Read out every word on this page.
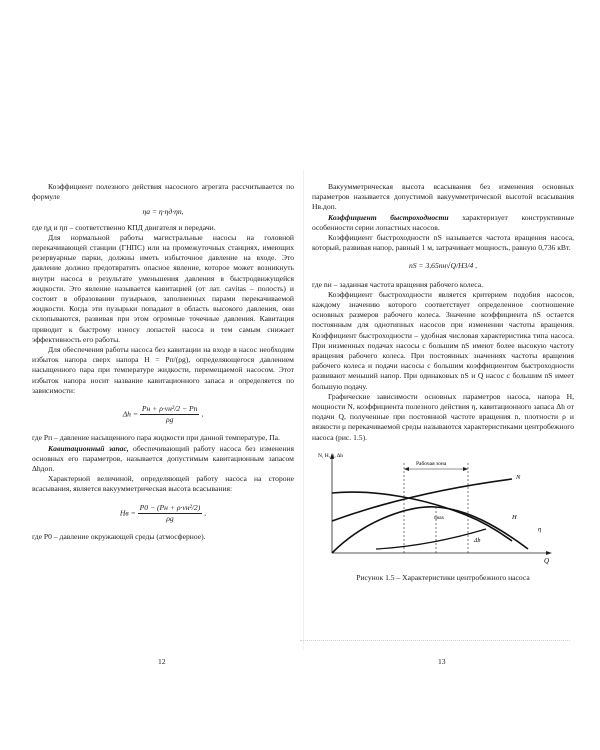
Коэффициент полезного действия насосного агрегата рассчитывается по формуле

ηа = η·ηд·ηп,

где ηд и ηп – соответственно КПД двигателя и передачи.

Для нормальной работы магистральные насосы на головной перекачивающей станции (ГНПС) или на промежуточных станциях, имеющих резервуарные парки, должны иметь избыточное давление на входе. Это давление должно предотвратить опасное явление, которое может возникнуть внутри насоса в результате уменьшения давления в быстродвижущейся жидкости. Это явление называется кавитацией (от лат. cavitas – полость) и состоит в образовании пузырьков, заполненных парами перекачиваемой жидкости. Когда эти пузырьки попадают в область высокого давления, они схлопываются, развивая при этом огромные точечные давления. Кавитация приводит к быстрому износу лопастей насоса и тем самым снижает эффективность его работы.

Для обеспечения работы насоса без кавитации на входе в насос необходим избыток напора сверх напора H = Pп/(ρg), определяющегося давлением насыщенного пара при температуре жидкости, перемещаемой насосом. Этот избыток напора носит название кавитационного запаса и определяется по зависимости:

$\Delta h = \frac{\text{Pн + ρ·vн²/2 − Pп}}{\rho g}$ ,

где Pп – давление насыщенного пара жидкости при данной температуре, Па.

Кавитационный запас, обеспечивающий работу насоса без изменения основных его параметров, называется допустимым кавитационным запасом Δhдоп.

Характерной величиной, определяющей работу насоса на стороне всасывания, является вакуумметрическая высота всасывания:

Hв = $\frac{\text{P0 − (Pн + ρ·vн²/2)}}{\rho g}$ ,

где P0 – давление окружающей среды (атмосферное).

12

Вакуумметрическая высота всасывания без изменения основных параметров называется допустимой вакуумметрической высотой всасывания Hв.доп.

Коэффициент быстроходности характеризует конструктивные особенности серии лопастных насосов.

Коэффициент быстроходности nS называется частота вращения насоса, который, развивая напор, равный 1 м, затрачивает мощность, равную 0,736 кВт.

nS = 3,65nн√Q/H3/4 ,

где nн – заданная частота вращения рабочего колеса.

Коэффициент быстроходности является критерием подобия насосов, каждому значению которого соответствует определенное соотношение основных размеров рабочего колеса. Значение коэффициента nS остается постоянным для однотипных насосов при изменении частоты вращения. Коэффициент быстроходности – удобная числовая характеристика типа насоса. При низменных подачах насосы с большим nS имеют более высокую частоту вращения рабочего колеса. При постоянных значениях частоты вращения рабочего колеса и подачи насосы с большим коэффициентом быстроходности развивают меньший напор. При одинаковых nS и Q насос с большим nS имеет большую подачу.

Графические зависимости основных параметров насоса, напора H, мощности N, коэффициента полезного действия η, кавитационного запаса Δh от подачи Q, полученные при постоянной частоте вращения n, плотности ρ и вязкости μ перекачиваемой среды называются характеристиками центробежного насоса (рис. 1.5).

N, H, η, Δh
Q
Рабочая зона
H
N
η
ηмах
Δh

Рисунок 1.5 – Характеристики центробежного насоса

13
